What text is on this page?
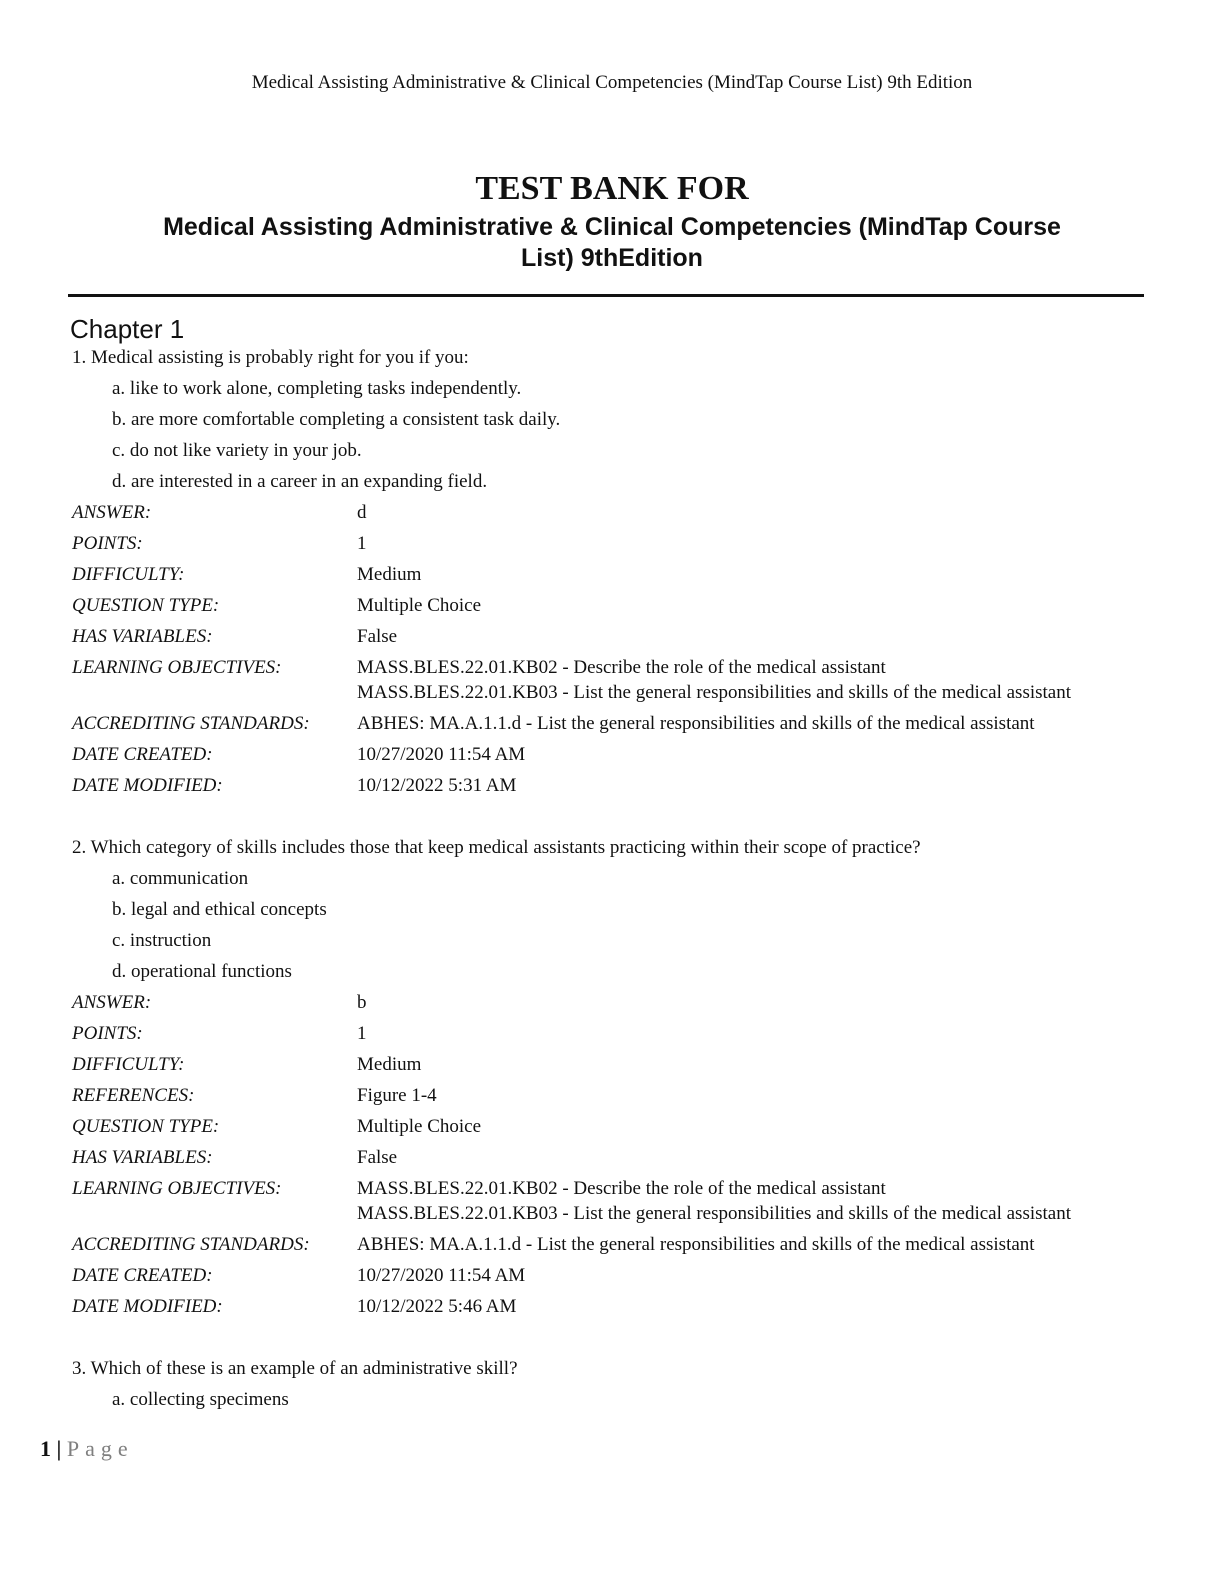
Medical Assisting Administrative & Clinical Competencies (MindTap Course List) 9th Edition
TEST BANK FOR
Medical Assisting Administrative & Clinical Competencies (MindTap Course
List) 9thEdition
Chapter 1
1. Medical assisting is probably right for you if you:
a. like to work alone, completing tasks independently.
b. are more comfortable completing a consistent task daily.
c. do not like variety in your job.
d. are interested in a career in an expanding field.
ANSWER:	d
POINTS:	1
DIFFICULTY:	Medium
QUESTION TYPE:	Multiple Choice
HAS VARIABLES:	False
LEARNING OBJECTIVES:	MASS.BLES.22.01.KB02 - Describe the role of the medical assistant
MASS.BLES.22.01.KB03 - List the general responsibilities and skills of the medical assistant

ACCREDITING STANDARDS:	ABHES: MA.A.1.1.d - List the general responsibilities and skills of the medical assistant
DATE CREATED:	10/27/2020 11:54 AM
DATE MODIFIED:	10/12/2022 5:31 AM
2. Which category of skills includes those that keep medical assistants practicing within their scope of practice?
a. communication
b. legal and ethical concepts
c. instruction
d. operational functions
ANSWER:	b
POINTS:	1
DIFFICULTY:	Medium
REFERENCES:	Figure 1-4
QUESTION TYPE:	Multiple Choice
HAS VARIABLES:	False
LEARNING OBJECTIVES:	MASS.BLES.22.01.KB02 - Describe the role of the medical assistant
MASS.BLES.22.01.KB03 - List the general responsibilities and skills of the medical assistant

ACCREDITING STANDARDS:	ABHES: MA.A.1.1.d - List the general responsibilities and skills of the medical assistant
DATE CREATED:	10/27/2020 11:54 AM
DATE MODIFIED:	10/12/2022 5:46 AM
3. Which of these is an example of an administrative skill?
a. collecting specimens
1 | Page
